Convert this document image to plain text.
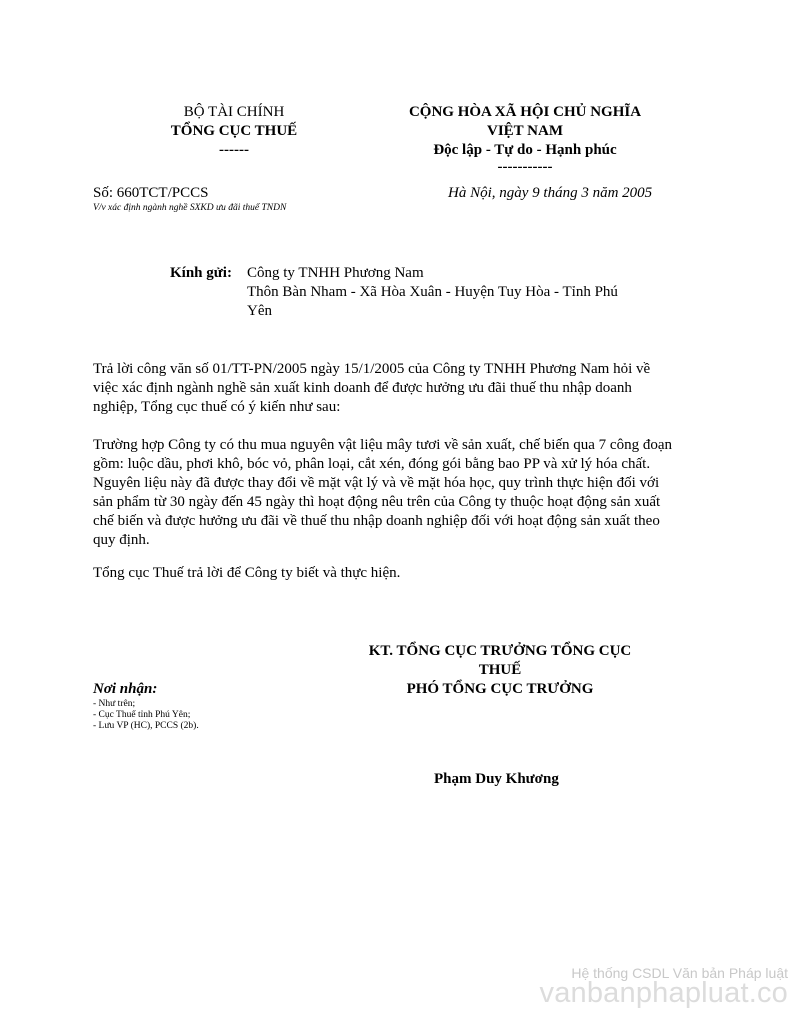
BỘ TÀI CHÍNH
TỔNG CỤC THUẾ
------
CỘNG HÒA XÃ HỘI CHỦ NGHĨA
VIỆT NAM
Độc lập - Tự do - Hạnh phúc
-----------
Số: 660TCT/PCCS
V/v xác định ngành nghề SXKD ưu đãi thuế TNDN
Hà Nội, ngày 9 tháng 3 năm 2005
Kính gửi: Công ty TNHH Phương Nam
Thôn Bàn Nham - Xã Hòa Xuân - Huyện Tuy Hòa - Tỉnh Phú
Yên
Trả lời công văn số 01/TT-PN/2005 ngày 15/1/2005 của Công ty TNHH Phương Nam hỏi về
việc xác định ngành nghề sản xuất kinh doanh để được hưởng ưu đãi thuế thu nhập doanh
nghiệp, Tổng cục thuế có ý kiến như sau:
Trường hợp Công ty có thu mua nguyên vật liệu mây tươi về sản xuất, chế biến qua 7 công đoạn
gồm: luộc dầu, phơi khô, bóc vỏ, phân loại, cắt xén, đóng gói bằng bao PP và xử lý hóa chất.
Nguyên liệu này đã được thay đổi về mặt vật lý và về mặt hóa học, quy trình thực hiện đối với
sản phẩm từ 30 ngày đến 45 ngày thì hoạt động nêu trên của Công ty thuộc hoạt động sản xuất
chế biến và được hưởng ưu đãi về thuế thu nhập doanh nghiệp đối với hoạt động sản xuất theo
quy định.
Tổng cục Thuế trả lời để Công ty biết và thực hiện.
KT. TỔNG CỤC TRƯỞNG TỔNG CỤC
THUẾ
PHÓ TỔNG CỤC TRƯỞNG
Nơi nhận:
- Như trên;
- Cục Thuế tỉnh Phú Yên;
- Lưu VP (HC), PCCS (2b).
Phạm Duy Khương
Hệ thống CSDL Văn bản Pháp luật
vanbanphapluat.co
